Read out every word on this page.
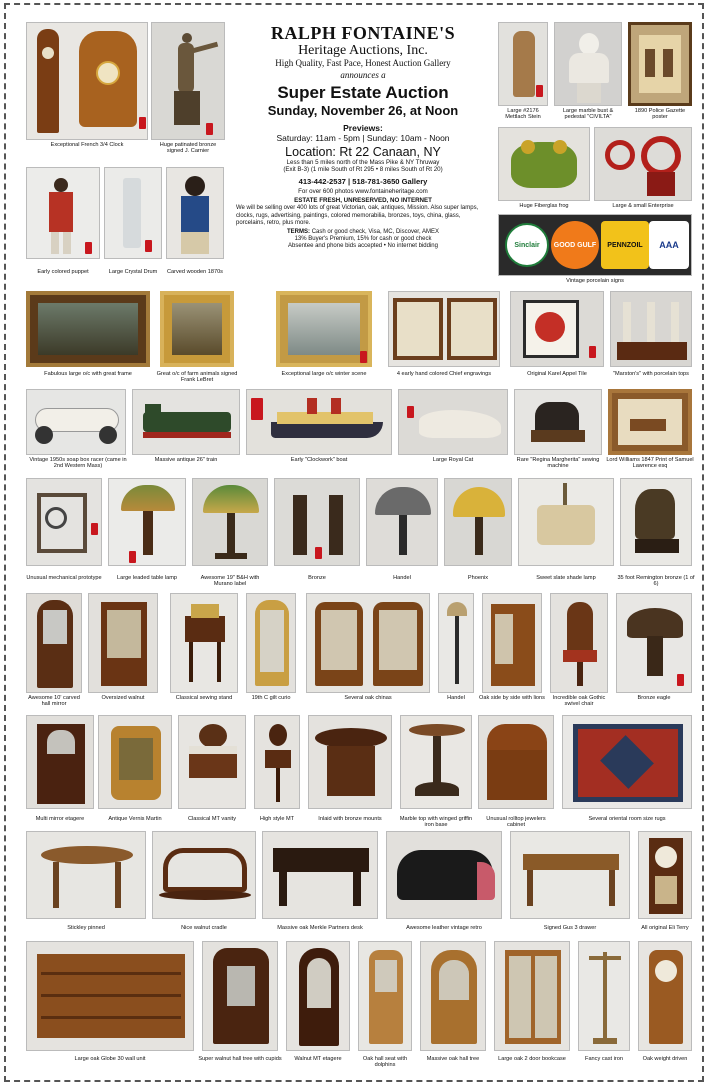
Exceptional French 3/4 Clock	Huge patinated bronze signed J. Carnier
Early colored puppet	Large Crystal Drum	Carved wooden 1870s
RALPH FONTAINE'S
Heritage Auctions, Inc.
High Quality, Fast Pace, Honest Auction Gallery
announces a
Super Estate Auction
Sunday, November 26, at Noon
Previews:
Saturday: 11am - 5pm | Sunday: 10am - Noon
Location: Rt 22 Canaan, NY
Less than 5 miles north of the Mass Pike & NY Thruway
(Exit B-3) (1 mile South of Rt 295 • 8 miles South of Rt 20)
413-442-2537 | 518-781-3650 Gallery
For over 600 photos www.fontaineheritage.com
ESTATE FRESH, UNRESERVED, NO INTERNET
We will be selling over 400 lots of great Victorian, oak, antiques, Mission. Also super lamps, clocks, rugs, advertising, paintings, colored memorabilia, bronzes, toys, china, glass, porcelains, retro, plus more.
TERMS: Cash or good check, Visa, MC, Discover, AMEX
13% Buyer's Premium, 15% for cash or good check
Absentee and phone bids accepted • No internet bidding
Large #2176 Mettlach Stein
Large marble bust & pedestal "CIVILTA"
1890 Police Gazette poster
Huge Fiberglas frog	Large & small Enterprise
Sinclair	GOOD GULF	PENNZOIL	AAA
Vintage porcelain signs
Fabulous large o/c with great frame	Great o/c of farm animals signed Frank LeBret
Exceptional large o/c winter scene	4 early hand colored Chief engravings	Original Karel Appel Tile	"Marston's" with porcelain tops
Vintage 1950s soap box racer (came in 2nd Western Mass)
Massive antique 26" train	Early "Clockwork" boat	Large Royal Cat	Rare "Regina Margherita" sewing machine
Lord Williams 1847 Print of Samuel Lawrence esq
Unusual mechanical prototype	Large leaded table lamp	Awesome 19" B&H with Murano label
Bronze	Handel	Phoenix	Sweet slate shade lamp	35 foot Remington bronze (1 of 6)
Awesome 10' carved hall mirror
Oversized walnut	Classical sewing stand	19th C gilt curio	Several oak chinas	Handel	Oak side by side with lions	Incredible oak Gothic swivel chair
Bronze eagle
Multi mirror etagere	Antique Vernis Martin	Classical MT vanity	High style MT	Inlaid with bronze mounts	Marble top with winged griffin iron base
Unusual rolltop jewelers cabinet
Several oriental room size rugs
Stickley pinned	Nice walnut cradle	Massive oak Merkle Partners desk	Awesome leather vintage retro	Signed Gus 3 drawer	All original Eli Terry
Large oak Globe 30 wall unit	Super walnut hall tree with cupids	Walnut MT etagere	Oak hall seat with dolphins
Massive oak hall tree	Large oak 2 door bookcase	Fancy cast iron	Oak weight driven
